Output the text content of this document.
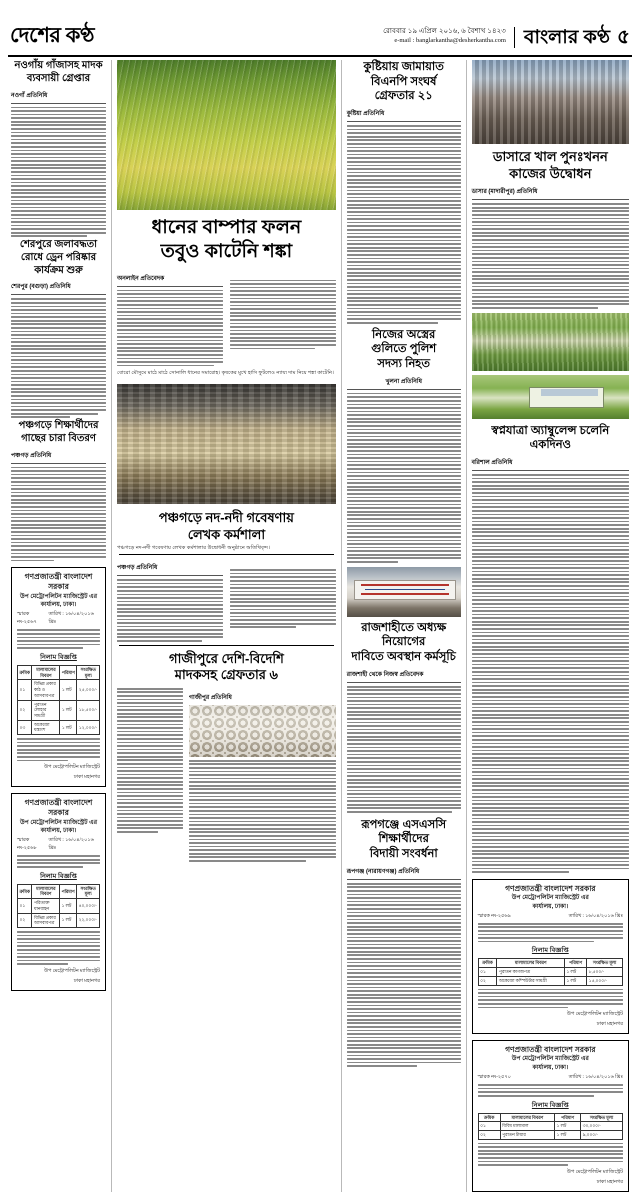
দেশের কণ্ঠ	রোববার ১৯ এপ্রিল ২০১৬, ৬ বৈশাখ ১৪২৩
e-mail : banglarkantha@desherkantha.com বাংলার কণ্ঠ ৫
নওগাঁয় গাঁজাসহ মাদক
ব্যবসায়ী গ্রেপ্তার
নওগাঁ প্রতিনিধি
শেরপুরে জলাবদ্ধতা
রোধে ড্রেন পরিষ্কার
কার্যক্রম শুরু
শেরপুর (বগুড়া) প্রতিনিধি
পঞ্চগড়ে শিক্ষার্থীদের
গাছের চারা বিতরণ
পঞ্চগড় প্রতিনিধি
গণপ্রজাতন্ত্রী বাংলাদেশ সরকার
উপ মেট্রোপলিটন ম্যাজিস্ট্রেট এর
কার্যালয়, ঢাকা।
স্মারক নং-২৫৬৭
তারিখ : ১৬/০৪/২০১৬ খ্রিঃ
নিলাম বিজ্ঞপ্তি
ক্রমিক	মালামালের বিবরণ	পরিমাণ	সংরক্ষিত মূল্য
০১	বিভিন্ন প্রকার কাঠ ও আসবাবপত্র	১ লট	২৫,০০০/-
০২	পুরাতন লোহার সামগ্রী	১ লট	১৮,৫০০/-
০৩	অকেজো যন্ত্রাংশ	১ লট	১২,০০০/-
উপ মেট্রোপলিটন ম্যাজিস্ট্রেট
ঢাকা মহানগর
গণপ্রজাতন্ত্রী বাংলাদেশ সরকার
উপ মেট্রোপলিটন ম্যাজিস্ট্রেট এর
কার্যালয়, ঢাকা।
স্মারক নং-২৫৬৮
তারিখ : ১৬/০৪/২০১৬ খ্রিঃ
নিলাম বিজ্ঞপ্তি
ক্রমিক	মালামালের বিবরণ	পরিমাণ	সংরক্ষিত মূল্য
০১	পরিত্যক্ত যানবাহন	১ লট	৪০,০০০/-
০২	বিভিন্ন প্রকার আসবাবপত্র	১ লট	২২,০০০/-
উপ মেট্রোপলিটন ম্যাজিস্ট্রেট
ঢাকা মহানগর
ধানের বাম্পার ফলন
তবুও কাটেনি শঙ্কা
অনলাইন প্রতিবেদক
বোরো মৌসুমে মাঠে মাঠে সোনালি ধানের সমারোহ। কৃষকের মুখে হাসি ফুটলেও ন্যায্য দাম নিয়ে শঙ্কা কাটেনি।
পঞ্চগড়ে নদ-নদী গবেষণায়
লেখক কর্মশালা
পঞ্চগড়ে নদ-নদী গবেষণায় লেখক কর্মশালার উদ্বোধনী অনুষ্ঠানে অতিথিবৃন্দ।
পঞ্চগড় প্রতিনিধি
গাজীপুরে দেশি-বিদেশি
মাদকসহ গ্রেফতার ৬
গাজীপুর প্রতিনিধি
কুষ্টিয়ায় জামায়াত
বিএনপি সংঘর্ষ
গ্রেফতার ২১
কুষ্টিয়া প্রতিনিধি
নিজের অস্ত্রের
গুলিতে পুলিশ
সদস্য নিহত
খুলনা প্রতিনিধি
রাজশাহীতে অধ্যক্ষ নিয়োগের
দাবিতে অবস্থান কর্মসূচি
রাজশাহী থেকে নিজস্ব প্রতিবেদক
রূপগঞ্জে এসএসসি শিক্ষার্থীদের
বিদায়ী সংবর্ধনা
রূপগঞ্জ (নারায়ণগঞ্জ) প্রতিনিধি
ডাসারে খাল পুনঃখনন
কাজের উদ্বোধন
ডাসার (মাদারীপুর) প্রতিনিধি
স্বপ্নযাত্রা অ্যাম্বুলেন্স চলেনি একদিনও
বরিশাল প্রতিনিধি
গণপ্রজাতন্ত্রী বাংলাদেশ সরকার
উপ মেট্রোপলিটন ম্যাজিস্ট্রেট এর
কার্যালয়, ঢাকা।
স্মারক নং-২৫৬৯	তারিখ : ১৬/০৪/২০১৬ খ্রিঃ
নিলাম বিজ্ঞপ্তি
ক্রমিক	মালামালের বিবরণ	পরিমাণ	সংরক্ষিত মূল্য
০১	পুরাতন কাগজপত্র	১ লট	৮,৫০০/-
০২	অকেজো কম্পিউটার সামগ্রী	১ লট	১৫,০০০/-
উপ মেট্রোপলিটন ম্যাজিস্ট্রেট
ঢাকা মহানগর
গণপ্রজাতন্ত্রী বাংলাদেশ সরকার
উপ মেট্রোপলিটন ম্যাজিস্ট্রেট এর
কার্যালয়, ঢাকা।
স্মারক নং-২৫৭০	তারিখ : ১৬/০৪/২০১৬ খ্রিঃ
নিলাম বিজ্ঞপ্তি
ক্রমিক	মালামালের বিবরণ	পরিমাণ	সংরক্ষিত মূল্য
০১	বিবিধ মালামাল	১ লট	৩০,০০০/-
০২	পুরাতন টায়ার	১ লট	৯,০০০/-
উপ মেট্রোপলিটন ম্যাজিস্ট্রেট
ঢাকা মহানগর
